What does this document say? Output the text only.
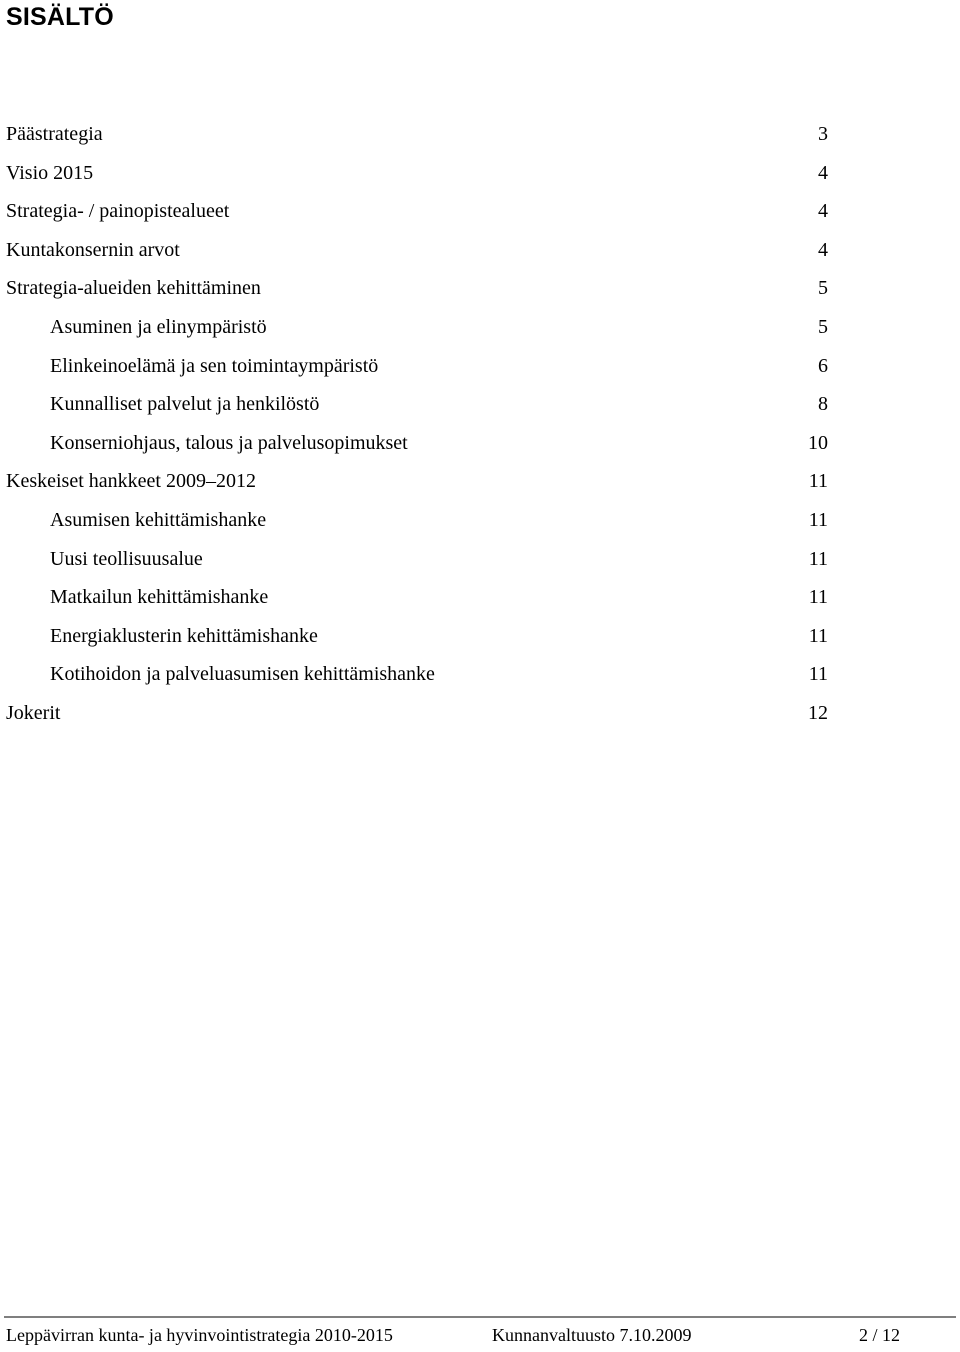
SISÄLTÖ
Päästrategia	3
Visio 2015	4
Strategia- / painopistealueet	4
Kuntakonsernin arvot	4
Strategia-alueiden kehittäminen	5
Asuminen ja elinympäristö	5
Elinkeinoelämä ja sen toimintaympäristö	6
Kunnalliset palvelut ja henkilöstö	8
Konserniohjaus, talous ja palvelusopimukset	10
Keskeiset hankkeet 2009–2012	11
Asumisen kehittämishanke	11
Uusi teollisuusalue	11
Matkailun kehittämishanke	11
Energiaklusterin kehittämishanke	11
Kotihoidon ja palveluasumisen kehittämishanke	11
Jokerit	12
Leppävirran kunta- ja hyvinvointistrategia 2010-2015	Kunnanvaltuusto 7.10.2009	2 / 12
